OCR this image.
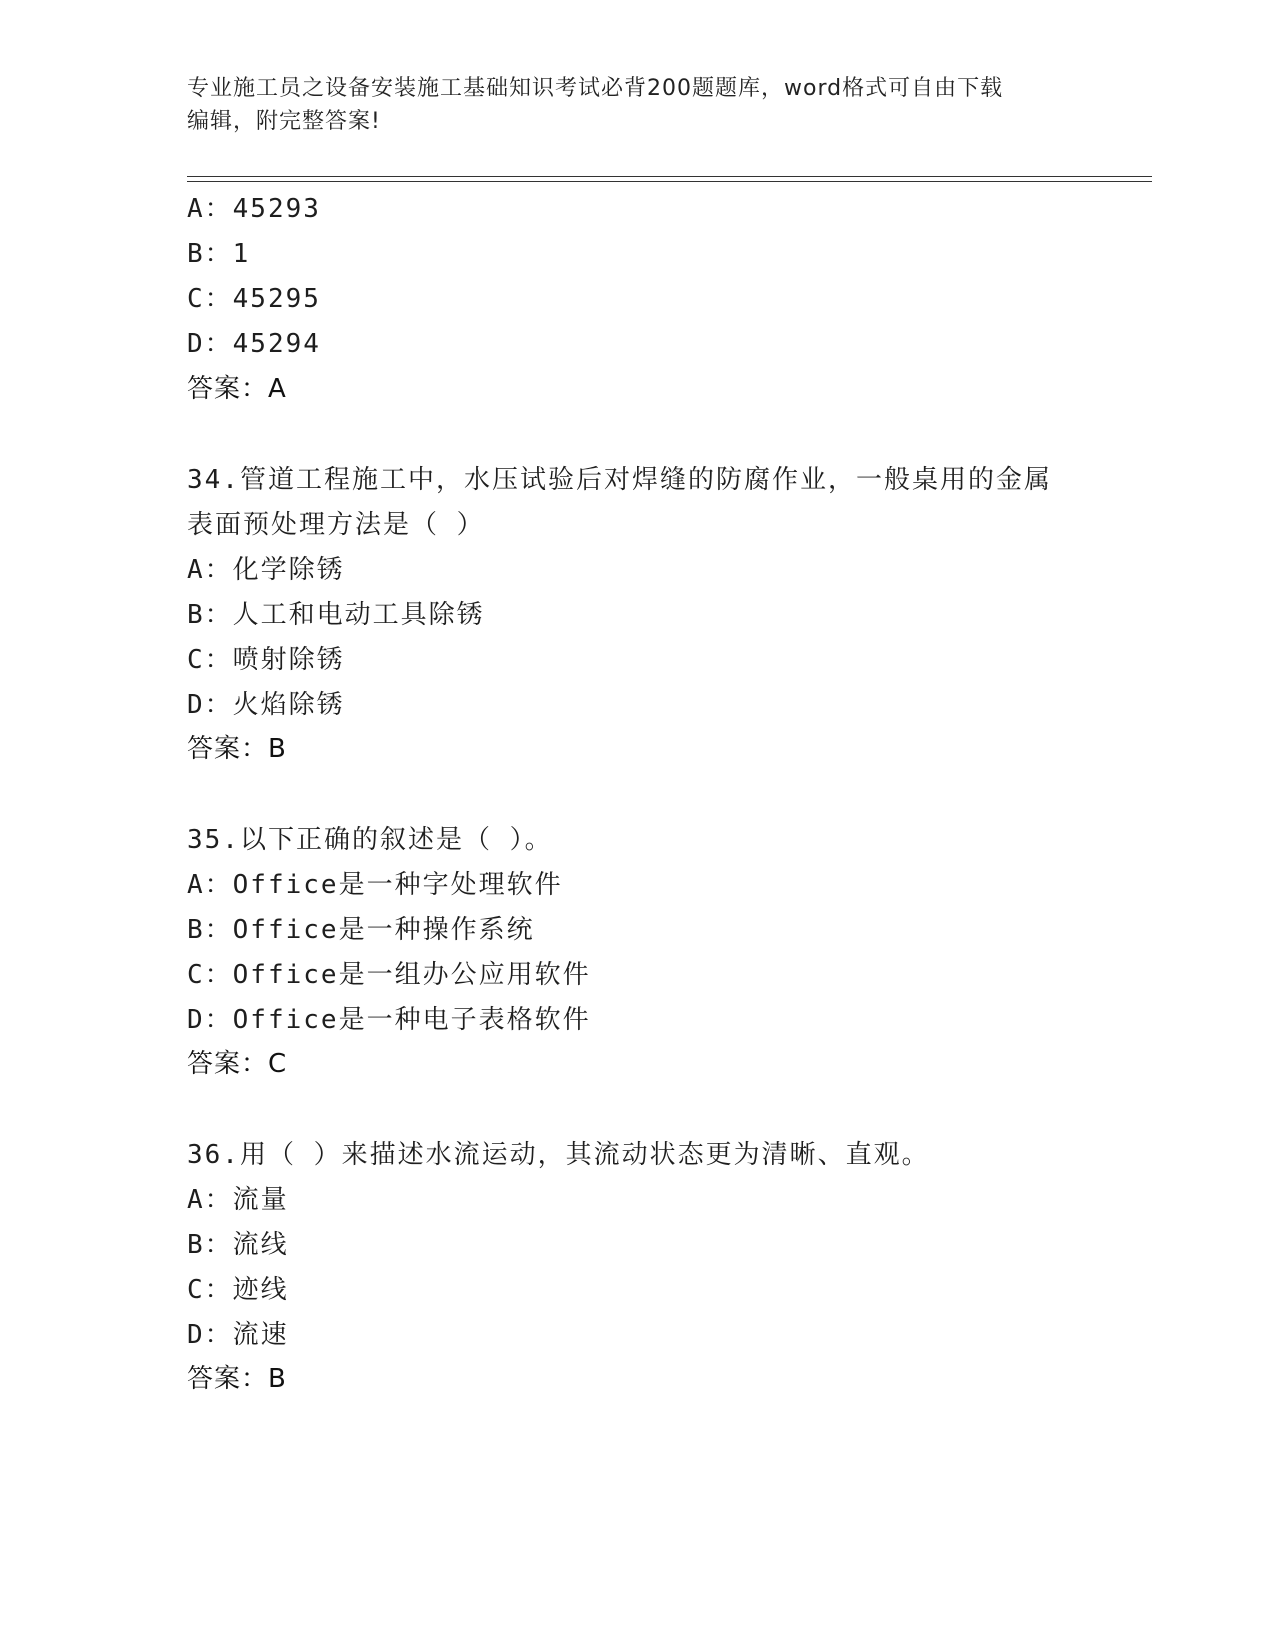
专业施工员之设备安装施工基础知识考试必背200题题库，word格式可自由下载
编辑，附完整答案!
A：45293
B：1
C：45295
D：45294
答案：A
34.管道工程施工中，水压试验后对焊缝的防腐作业，一般桌用的金属
表面预处理方法是（ ）
A：化学除锈
B：人工和电动工具除锈
C：喷射除锈
D：火焰除锈
答案：B
35.以下正确的叙述是（ ）。
A：Office是一种字处理软件
B：Office是一种操作系统
C：Office是一组办公应用软件
D：Office是一种电子表格软件
答案：C
36.用（ ）来描述水流运动，其流动状态更为清晰、直观。
A：流量
B：流线
C：迹线
D：流速
答案：B
